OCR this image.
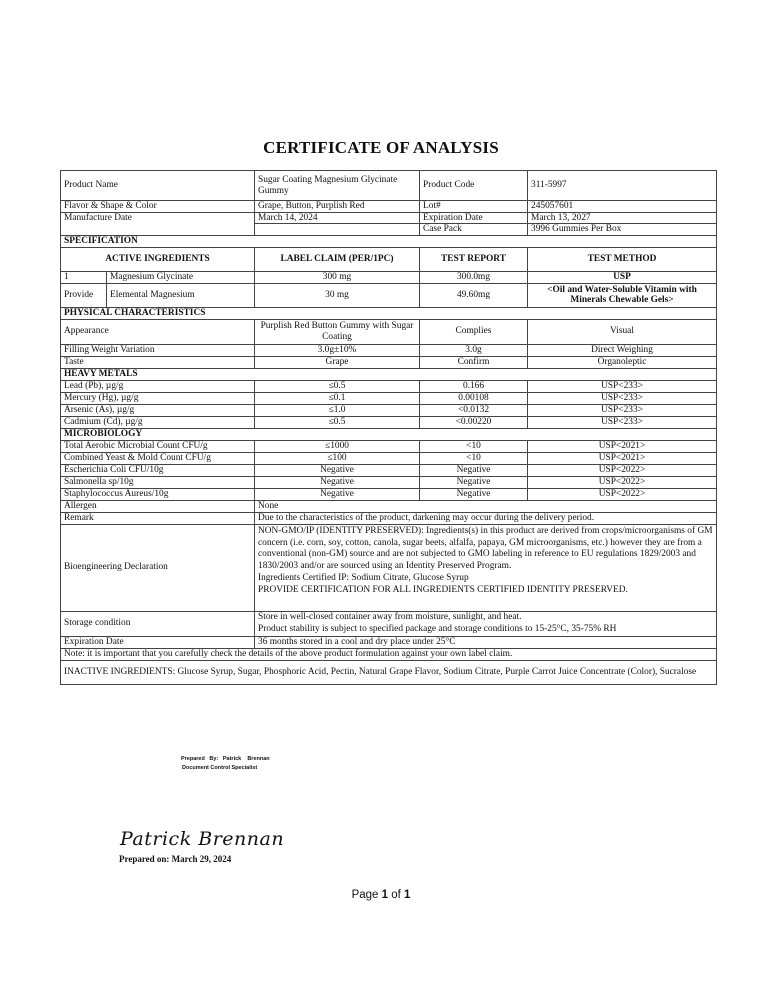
CERTIFICATE OF ANALYSIS
Product Name		Sugar Coating Magnesium Glycinate Gummy	Product Code	311-5997
Flavor & Shape & Color		Grape, Button, Purplish Red	Lot#	245057601
Manufacture Date		March 14, 2024	Expiration Date	March 13, 2027
			Case Pack	3996 Gummies Per Box
SPECIFICATION				
ACTIVE INGREDIENTS		LABEL CLAIM (PER/1PC)	TEST REPORT	TEST METHOD
1	Magnesium Glycinate	300 mg	300.0mg	USP
Provide	Elemental Magnesium	30 mg	49.60mg	<Oil and Water-Soluble Vitamin with Minerals Chewable Gels>
PHYSICAL CHARACTERISTICS				
Appearance		Purplish Red Button Gummy with Sugar Coating	Complies	Visual
Filling Weight Variation		3.0g±10%	3.0g	Direct Weighing
Taste		Grape	Confirm	Organoleptic
HEAVY METALS				
Lead (Pb), µg/g		≤0.5	0.166	USP<233>
Mercury (Hg), µg/g		≤0.1	0.00108	USP<233>
Arsenic (As), µg/g		≤1.0	<0.0132	USP<233>
Cadmium (Cd), µg/g		≤0.5	<0.00220	USP<233>
MICROBIOLOGY				
Total Aerobic Microbial Count CFU/g		≤1000	<10	USP<2021>
Combined Yeast & Mold Count CFU/g		≤100	<10	USP<2021>
Escherichia Coli CFU/10g		Negative	Negative	USP<2022>
Salmonella sp/10g		Negative	Negative	USP<2022>
Staphylococcus Aureus/10g		Negative	Negative	USP<2022>
Allergen		None		
Remark		Due to the characteristics of the product, darkening may occur during the delivery period.		
Bioengineering Declaration		NON-GMO/IP (IDENTITY PRESERVED): Ingredients(s) in this product are derived from crops/microorganisms of GM concern (i.e. corn, soy, cotton, canola, sugar beets, alfalfa, papaya, GM microorganisms, etc.) however they are from a conventional (non-GM) source and are not subjected to GMO labeling in reference to EU regulations 1829/2003 and 1830/2003 and/or are sourced using an Identity Preserved Program.
Ingredients Certified IP: Sodium Citrate, Glucose Syrup
PROVIDE CERTIFICATION FOR ALL INGREDIENTS CERTIFIED IDENTITY PRESERVED.		

Storage condition		Store in well-closed container away from moisture, sunlight, and heat.
Product stability is subject to specified package and storage conditions to 15-25°C, 35-75% RH		

Expiration Date		36 months stored in a cool and dry place under 25°C		
Note: it is important that you carefully check the details of the above product formulation against your own label claim.				
INACTIVE INGREDIENTS: Glucose Syrup, Sugar, Phosphoric Acid, Pectin, Natural Grape Flavor, Sodium Citrate, Purple Carrot Juice Concentrate (Color), Sucralose				
Prepared   By:   Patrick    Brennan
Document Control Specialist
Patrick Brennan
Prepared on: March 29, 2024
Page 1 of 1
